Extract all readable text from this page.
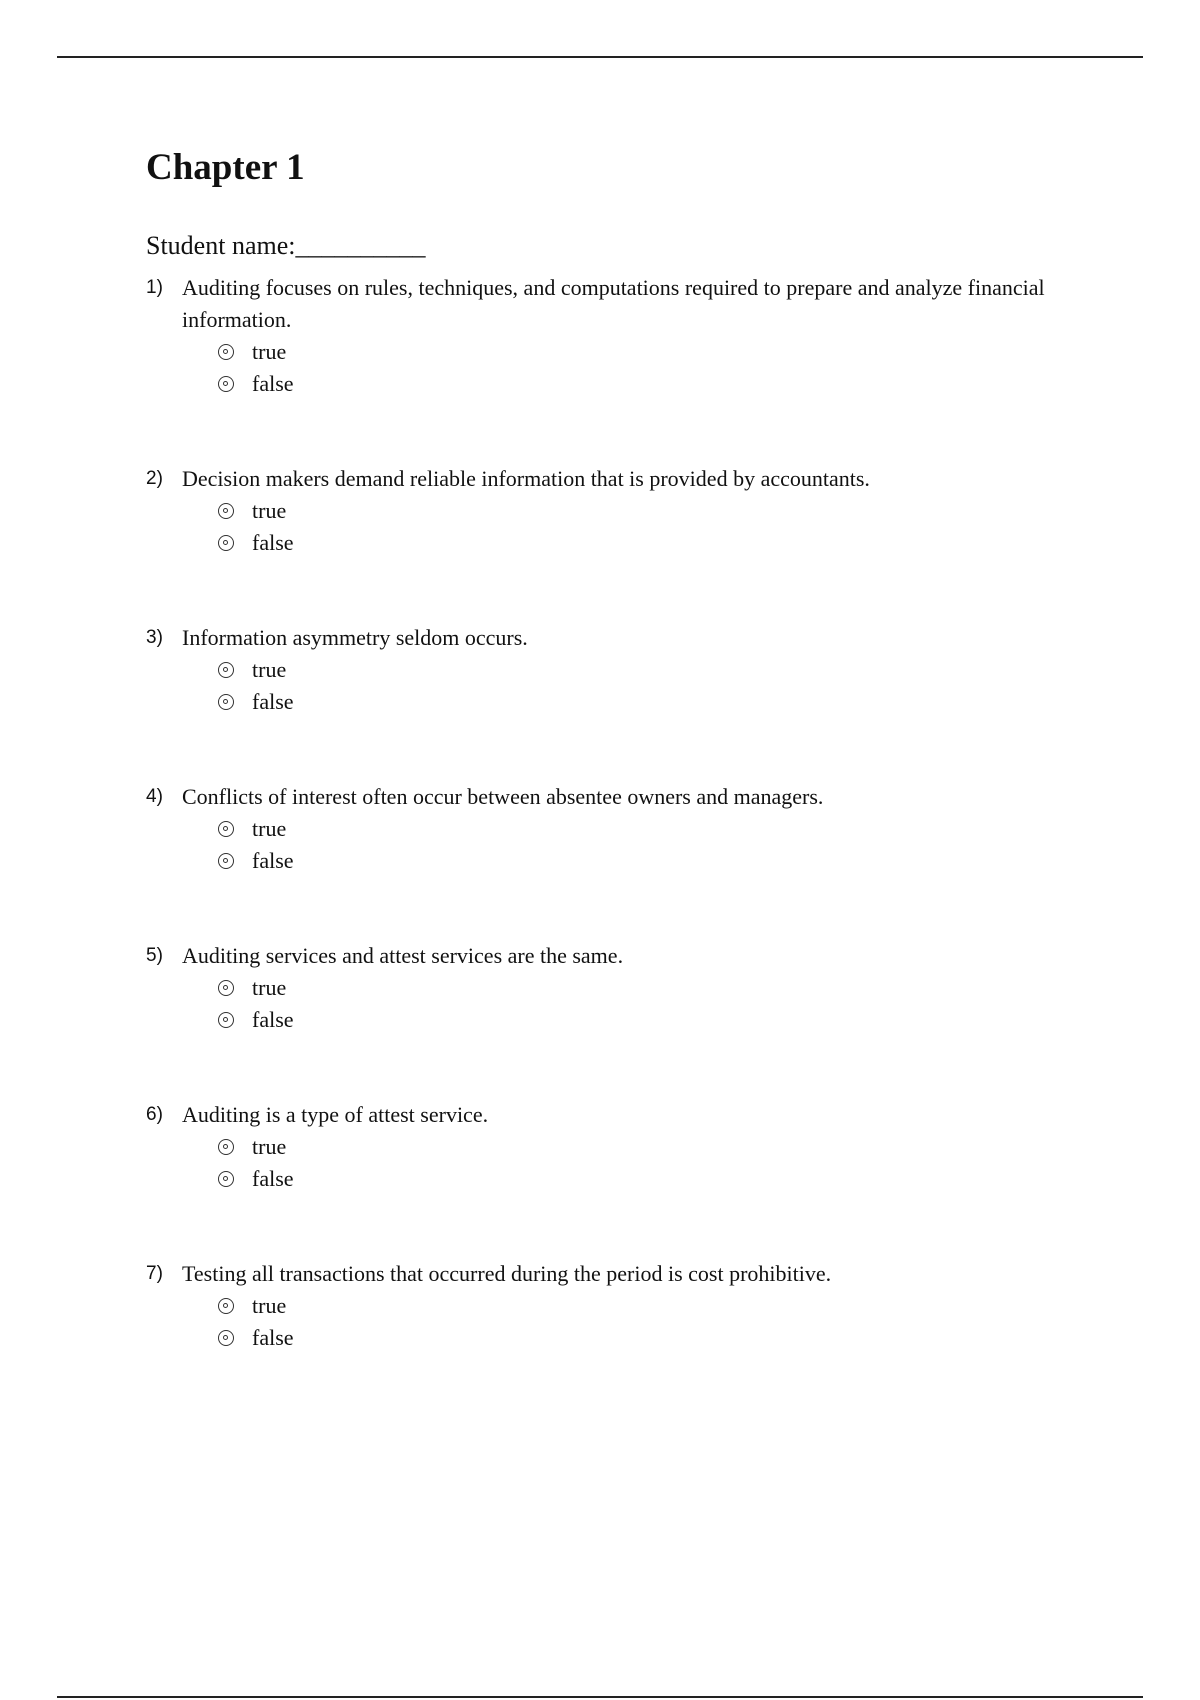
Chapter 1
Student name:__________
1) Auditing focuses on rules, techniques, and computations required to prepare and analyze financial information.
true
false
2) Decision makers demand reliable information that is provided by accountants.
true
false
3) Information asymmetry seldom occurs.
true
false
4) Conflicts of interest often occur between absentee owners and managers.
true
false
5) Auditing services and attest services are the same.
true
false
6) Auditing is a type of attest service.
true
false
7) Testing all transactions that occurred during the period is cost prohibitive.
true
false
